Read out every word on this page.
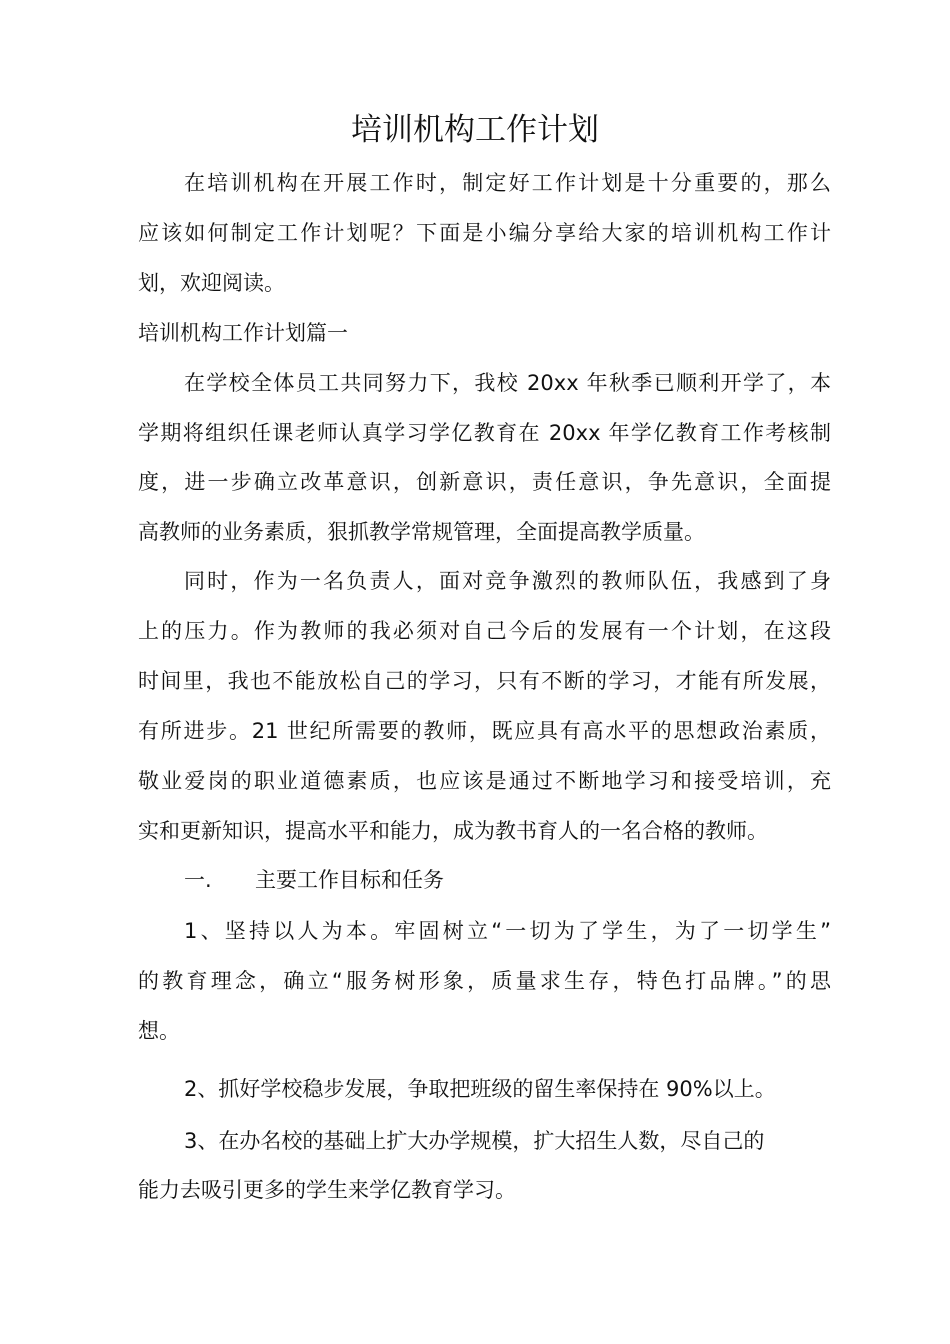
培训机构工作计划
在培训机构在开展工作时，制定好工作计划是十分重要的，那么
应该如何制定工作计划呢？下面是小编分享给大家的培训机构工作计
划，欢迎阅读。
培训机构工作计划篇一
在学校全体员工共同努力下，我校 20xx 年秋季已顺利开学了，本
学期将组织任课老师认真学习学亿教育在 20xx 年学亿教育工作考核制
度，进一步确立改革意识，创新意识，责任意识，争先意识，全面提
高教师的业务素质，狠抓教学常规管理，全面提高教学质量。
同时，作为一名负责人，面对竞争激烈的教师队伍，我感到了身
上的压力。作为教师的我必须对自己今后的发展有一个计划，在这段
时间里，我也不能放松自己的学习，只有不断的学习，才能有所发展，
有所进步。21 世纪所需要的教师，既应具有高水平的思想政治素质，
敬业爱岗的职业道德素质，也应该是通过不断地学习和接受培训，充
实和更新知识，提高水平和能力，成为教书育人的一名合格的教师。
一. 主要工作目标和任务
1、坚持以人为本。牢固树立“一切为了学生，为了一切学生”
的教育理念，确立“服务树形象，质量求生存，特色打品牌。”的思
想。
2、抓好学校稳步发展，争取把班级的留生率保持在 90%以上。
3、在办名校的基础上扩大办学规模，扩大招生人数，尽自己的
能力去吸引更多的学生来学亿教育学习。
